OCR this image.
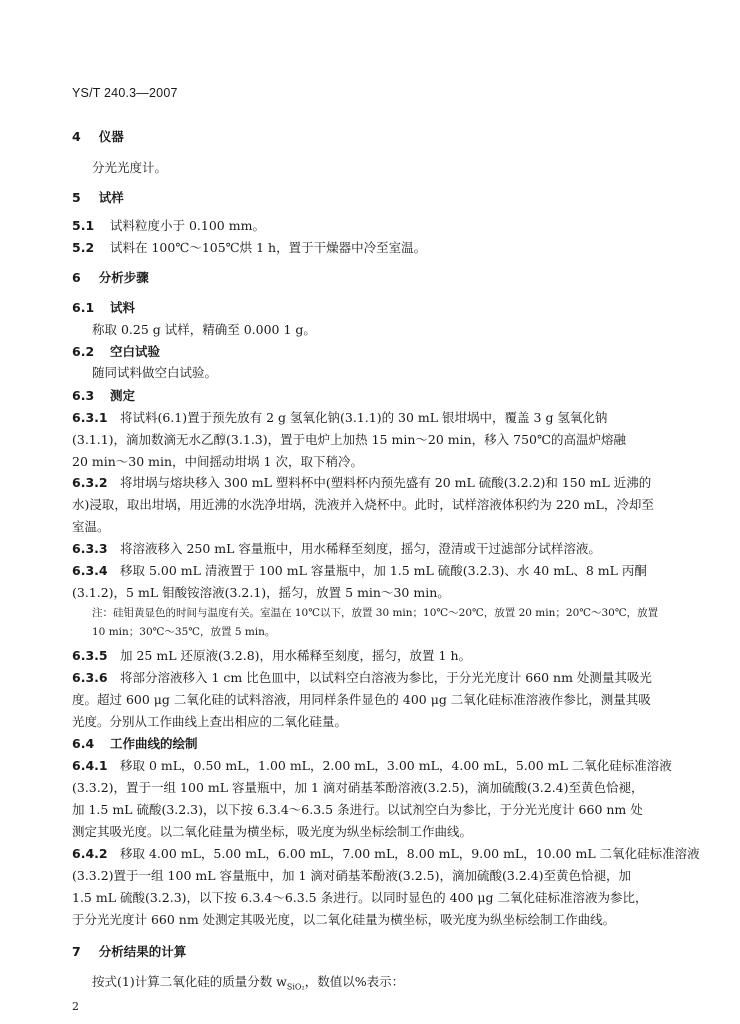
YS/T 240.3—2007
4 仪器
分光光度计。
5 试样
5.1 试料粒度小于 0.100 mm。
5.2 试料在 100℃～105℃烘 1 h，置于干燥器中冷至室温。
6 分析步骤
6.1 试料
称取 0.25 g 试样，精确至 0.000 1 g。
6.2 空白试验
随同试料做空白试验。
6.3 测定
6.3.1 将试料(6.1)置于预先放有 2 g 氢氧化钠(3.1.1)的 30 mL 银坩埚中，覆盖 3 g 氢氧化钠
(3.1.1)，滴加数滴无水乙醇(3.1.3)，置于电炉上加热 15 min～20 min，移入 750℃的高温炉熔融
20 min～30 min，中间摇动坩埚 1 次，取下稍冷。
6.3.2 将坩埚与熔块移入 300 mL 塑料杯中(塑料杯内预先盛有 20 mL 硫酸(3.2.2)和 150 mL 近沸的
水)浸取，取出坩埚，用近沸的水洗净坩埚，洗液并入烧杯中。此时，试样溶液体积约为 220 mL，冷却至
室温。
6.3.3 将溶液移入 250 mL 容量瓶中，用水稀释至刻度，摇匀，澄清或干过滤部分试样溶液。
6.3.4 移取 5.00 mL 清液置于 100 mL 容量瓶中，加 1.5 mL 硫酸(3.2.3)、水 40 mL、8 mL 丙酮
(3.1.2)，5 mL 钼酸铵溶液(3.2.1)，摇匀，放置 5 min～30 min。
注：硅钼黄显色的时间与温度有关。室温在 10℃以下，放置 30 min；10℃～20℃，放置 20 min；20℃～30℃，放置
10 min；30℃～35℃，放置 5 min。
6.3.5 加 25 mL 还原液(3.2.8)，用水稀释至刻度，摇匀，放置 1 h。
6.3.6 将部分溶液移入 1 cm 比色皿中，以试料空白溶液为参比，于分光光度计 660 nm 处测量其吸光
度。超过 600 μg 二氧化硅的试料溶液，用同样条件显色的 400 μg 二氧化硅标准溶液作参比，测量其吸
光度。分别从工作曲线上查出相应的二氧化硅量。
6.4 工作曲线的绘制
6.4.1 移取 0 mL，0.50 mL，1.00 mL，2.00 mL，3.00 mL，4.00 mL，5.00 mL 二氧化硅标准溶液
(3.3.2)，置于一组 100 mL 容量瓶中，加 1 滴对硝基苯酚溶液(3.2.5)，滴加硫酸(3.2.4)至黄色恰褪，
加 1.5 mL 硫酸(3.2.3)，以下按 6.3.4～6.3.5 条进行。以试剂空白为参比，于分光光度计 660 nm 处
测定其吸光度。以二氧化硅量为横坐标，吸光度为纵坐标绘制工作曲线。
6.4.2 移取 4.00 mL，5.00 mL，6.00 mL，7.00 mL，8.00 mL，9.00 mL，10.00 mL 二氧化硅标准溶液
(3.3.2)置于一组 100 mL 容量瓶中，加 1 滴对硝基苯酚液(3.2.5)，滴加硫酸(3.2.4)至黄色恰褪，加
1.5 mL 硫酸(3.2.3)，以下按 6.3.4～6.3.5 条进行。以同时显色的 400 μg 二氧化硅标准溶液为参比，
于分光光度计 660 nm 处测定其吸光度，以二氧化硅量为横坐标，吸光度为纵坐标绘制工作曲线。
7 分析结果的计算
按式(1)计算二氧化硅的质量分数 $w_{SiO_2}$，数值以%表示：
2
